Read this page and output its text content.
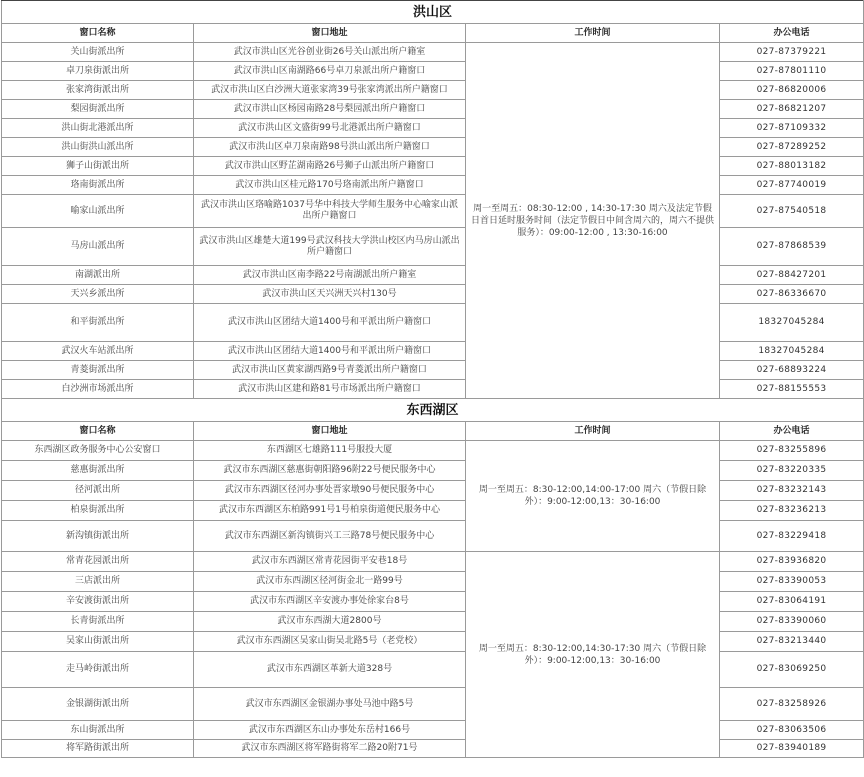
洪山区			
窗口名称	窗口地址	工作时间	办公电话
关山街派出所	武汉市洪山区光谷创业街26号关山派出所户籍室	周一至周五：08:30-12:00 , 14:30-17:30 周六及法定节假日首日延时服务时间（法定节假日中间含周六的，周六不提供服务）：09:00-12:00 , 13:30-16:00	027-87379221
卓刀泉街派出所	武汉市洪山区南湖路66号卓刀泉派出所户籍窗口		027-87801110
张家湾街派出所	武汉市洪山区白沙洲大道张家湾39号张家湾派出所户籍窗口		027-86820006
梨园街派出所	武汉市洪山区杨园南路28号梨园派出所户籍窗口		027-86821207
洪山街北港派出所	武汉市洪山区文盛街99号北港派出所户籍窗口		027-87109332
洪山街洪山派出所	武汉市洪山区卓刀泉南路98号洪山派出所户籍窗口		027-87289252
狮子山街派出所	武汉市洪山区野芷湖南路26号狮子山派出所户籍窗口		027-88013182
珞南街派出所	武汉市洪山区桂元路170号珞南派出所户籍窗口		027-87740019
喻家山派出所	武汉市洪山区珞喻路1037号华中科技大学师生服务中心喻家山派出所户籍窗口		027-87540518
马房山派出所	武汉市洪山区雄楚大道199号武汉科技大学洪山校区内马房山派出所户籍窗口		027-87868539
南湖派出所	武汉市洪山区南李路22号南湖派出所户籍室		027-88427201
天兴乡派出所	武汉市洪山区天兴洲天兴村130号		027-86336670
和平街派出所	武汉市洪山区团结大道1400号和平派出所户籍窗口		18327045284
武汉火车站派出所	武汉市洪山区团结大道1400号和平派出所户籍窗口		18327045284
青菱街派出所	武汉市洪山区黄家湖西路9号青菱派出所户籍窗口		027-68893224
白沙洲市场派出所	武汉市洪山区建和路81号市场派出所户籍窗口		027-88155553
东西湖区			
窗口名称	窗口地址	工作时间	办公电话
东西湖区政务服务中心公安窗口	东西湖区七雄路111号服投大厦	周一至周五：8:30-12:00,14:00-17:00 周六（节假日除外）：9:00-12:00,13：30-16:00	027-83255896
慈惠街派出所	武汉市东西湖区慈惠街朝阳路96附22号便民服务中心		027-83220335
径河派出所	武汉市东西湖区径河办事处晋家墩90号便民服务中心		027-83232143
柏泉街派出所	武汉市东西湖区东柏路991号1号柏泉街道便民服务中心		027-83236213
新沟镇街派出所	武汉市东西湖区新沟镇街兴工三路78号便民服务中心		027-83229418
常青花园派出所	武汉市东西湖区常青花园街平安巷18号	周一至周五：8:30-12:00,14:30-17:30 周六（节假日除外）：9:00-12:00,13：30-16:00	027-83936820
三店派出所	武汉市东西湖区径河街金北一路99号		027-83390053
辛安渡街派出所	武汉市东西湖区辛安渡办事处徐家台8号		027-83064191
长青街派出所	武汉市东西湖大道2800号		027-83390060
吴家山街派出所	武汉市东西湖区吴家山街吴北路5号（老党校）		027-83213440
走马岭街派出所	武汉市东西湖区革新大道328号		027-83069250
金银湖街派出所	武汉市东西湖区金银湖办事处马池中路5号		027-83258926
东山街派出所	武汉市东西湖区东山办事处东岳村166号		027-83063506
将军路街派出所	武汉市东西湖区将军路街将军二路20附71号		027-83940189
